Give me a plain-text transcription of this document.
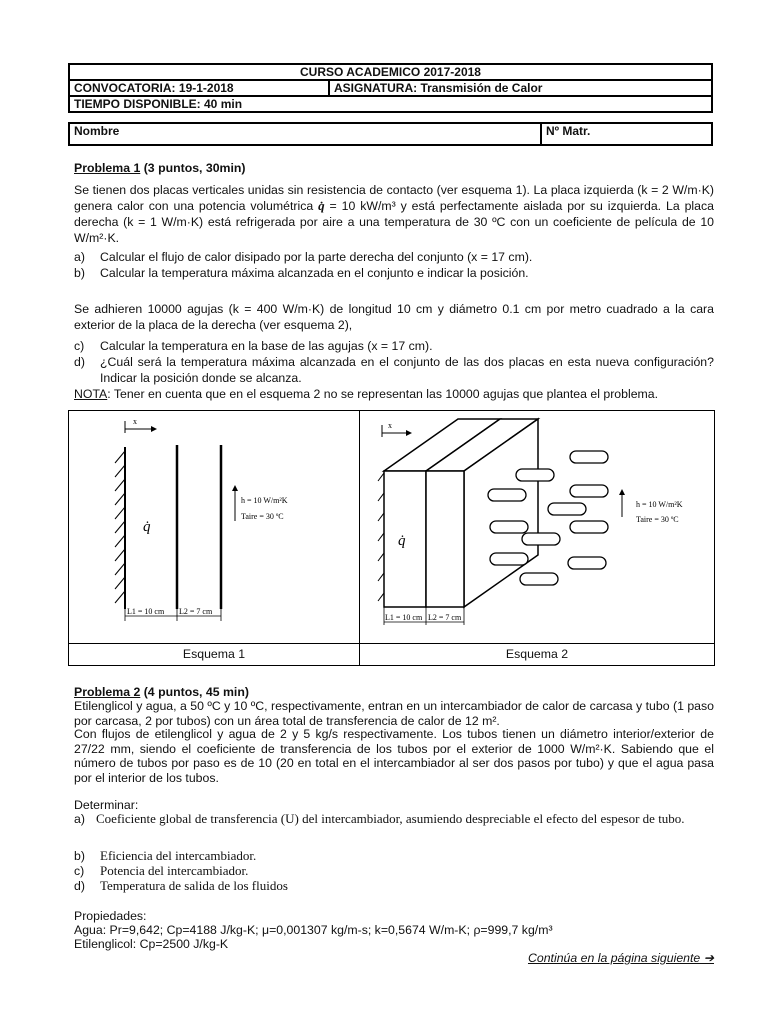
CURSO ACADEMICO 2017-2018
CONVOCATORIA: 19-1-2018	ASIGNATURA: Transmisión de Calor
TIEMPO DISPONIBLE: 40 min
Nombre	Nº Matr.
Problema 1 (3 puntos, 30min)
Se tienen dos placas verticales unidas sin resistencia de contacto (ver esquema 1). La placa izquierda (k = 2 W/m·K) genera calor con una potencia volumétrica q̇ = 10 kW/m³ y está perfectamente aislada por su izquierda. La placa derecha (k = 1 W/m·K) está refrigerada por aire a una temperatura de 30 ºC con un coeficiente de película de 10 W/m²·K.
a) Calcular el flujo de calor disipado por la parte derecha del conjunto (x = 17 cm).
b) Calcular la temperatura máxima alcanzada en el conjunto e indicar la posición.
Se adhieren 10000 agujas (k = 400 W/m·K) de longitud 10 cm y diámetro 0.1 cm por metro cuadrado a la cara exterior de la placa de la derecha (ver esquema 2),
c) Calcular la temperatura en la base de las agujas (x = 17 cm).
d) ¿Cuál será la temperatura máxima alcanzada en el conjunto de las dos placas en esta nueva configuración? Indicar la posición donde se alcanza.
NOTA: Tener en cuenta que en el esquema 2 no se representan las 10000 agujas que plantea el problema.
x
q̇
h = 10 W/m²K
Taire = 30 ºC
L1 = 10 cm L2 = 7 cm
x
q̇
h = 10 W/m²K
Taire = 30 ºC
L1 = 10 cm L2 = 7 cm
Esquema 1	Esquema 2
Problema 2 (4 puntos, 45 min)
Etilenglicol y agua, a 50 ºC y 10 ºC, respectivamente, entran en un intercambiador de calor de carcasa y tubo (1 paso por carcasa, 2 por tubos) con un área total de transferencia de calor de 12 m².
Con flujos de etilenglicol y agua de 2 y 5 kg/s respectivamente. Los tubos tienen un diámetro interior/exterior de 27/22 mm, siendo el coeficiente de transferencia de los tubos por el exterior de 1000 W/m²·K. Sabiendo que el número de tubos por paso es de 10 (20 en total en el intercambiador al ser dos pasos por tubo) y que el agua pasa por el interior de los tubos.
Determinar:
a) Coeficiente global de transferencia (U) del intercambiador, asumiendo despreciable el efecto del espesor de tubo.
b) Eficiencia del intercambiador.
c) Potencia del intercambiador.
d) Temperatura de salida de los fluidos
Propiedades:
Agua: Pr=9,642; Cp=4188 J/kg-K; μ=0,001307 kg/m-s; k=0,5674 W/m-K; ρ=999,7 kg/m³
Etilenglicol: Cp=2500 J/kg-K
Continúa en la página siguiente ➔
